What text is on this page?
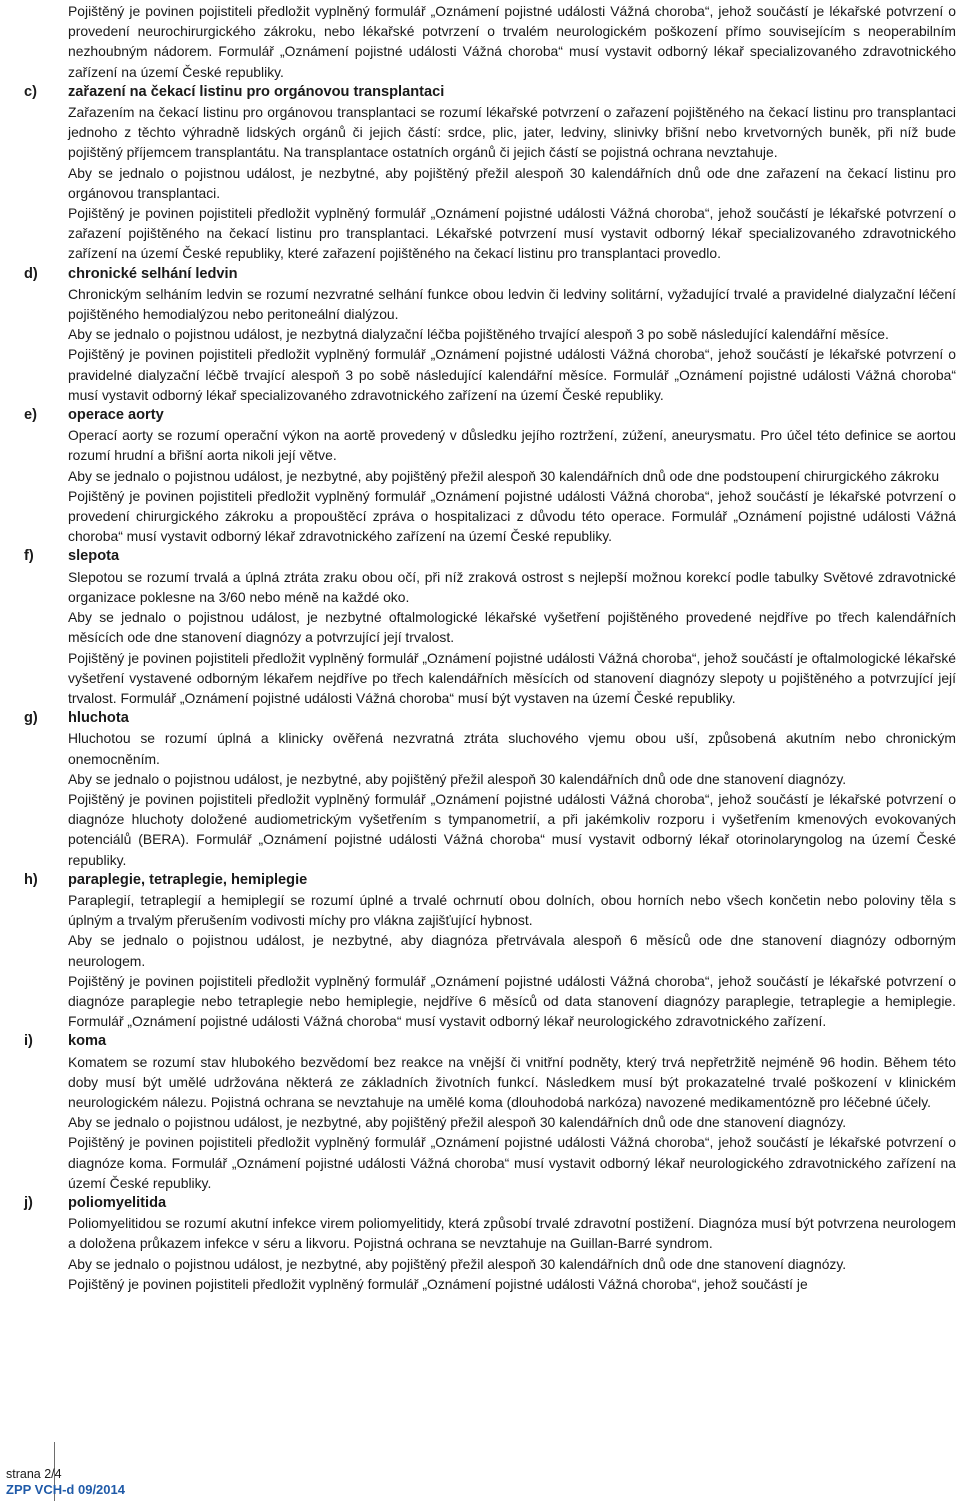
Pojištěný je povinen pojistiteli předložit vyplněný formulář „Oznámení pojistné události Vážná choroba“, jehož součástí je lékařské potvrzení o provedení neurochirurgického zákroku, nebo lékařské potvrzení o trvalém neurologickém poškození přímo souvisejícím s neoperabilním nezhoubným nádorem. Formulář „Oznámení pojistné události Vážná choroba“ musí vystavit odborný lékař specializovaného zdravotnického zařízení na území České republiky.

c) zařazení na čekací listinu pro orgánovou transplantaci

Zařazením na čekací listinu pro orgánovou transplantaci se rozumí lékařské potvrzení o zařazení pojištěného na čekací listinu pro transplantaci jednoho z těchto výhradně lidských orgánů či jejich částí: srdce, plic, jater, ledviny, slinivky břišní nebo krvetvorných buněk, při níž bude pojištěný příjemcem transplantátu. Na transplantace ostatních orgánů či jejich částí se pojistná ochrana nevztahuje.

Aby se jednalo o pojistnou událost, je nezbytné, aby pojištěný přežil alespoň 30 kalendářních dnů ode dne zařazení na čekací listinu pro orgánovou transplantaci.

Pojištěný je povinen pojistiteli předložit vyplněný formulář „Oznámení pojistné události Vážná choroba“, jehož součástí je lékařské potvrzení o zařazení pojištěného na čekací listinu pro transplantaci. Lékařské potvrzení musí vystavit odborný lékař specializovaného zdravotnického zařízení na území České republiky, které zařazení pojištěného na čekací listinu pro transplantaci provedlo.

d) chronické selhání ledvin

Chronickým selháním ledvin se rozumí nezvratné selhání funkce obou ledvin či ledviny solitární, vyžadující trvalé a pravidelné dialyzační léčení pojištěného hemodialýzou nebo peritoneální dialýzou.

Aby se jednalo o pojistnou událost, je nezbytná dialyzační léčba pojištěného trvající alespoň 3 po sobě následující kalendářní měsíce.

Pojištěný je povinen pojistiteli předložit vyplněný formulář „Oznámení pojistné události Vážná choroba“, jehož součástí je lékařské potvrzení o pravidelné dialyzační léčbě trvající alespoň 3 po sobě následující kalendářní měsíce. Formulář „Oznámení pojistné události Vážná choroba“ musí vystavit odborný lékař specializovaného zdravotnického zařízení na území České republiky.

e) operace aorty

Operací aorty se rozumí operační výkon na aortě provedený v důsledku jejího roztržení, zúžení, aneurysmatu. Pro účel této definice se aortou rozumí hrudní a břišní aorta nikoli její větve.

Aby se jednalo o pojistnou událost, je nezbytné, aby pojištěný přežil alespoň 30 kalendářních dnů ode dne podstoupení chirurgického zákroku

Pojištěný je povinen pojistiteli předložit vyplněný formulář „Oznámení pojistné události Vážná choroba“, jehož součástí je lékařské potvrzení o provedení chirurgického zákroku a propouštěcí zpráva o hospitalizaci z důvodu této operace. Formulář „Oznámení pojistné události Vážná choroba“ musí vystavit odborný lékař zdravotnického zařízení na území České republiky.

f) slepota

Slepotou se rozumí trvalá a úplná ztráta zraku obou očí, při níž zraková ostrost s nejlepší možnou korekcí podle tabulky Světové zdravotnické organizace poklesne na 3/60 nebo méně na každé oko.

Aby se jednalo o pojistnou událost, je nezbytné oftalmologické lékařské vyšetření pojištěného provedené nejdříve po třech kalendářních měsících ode dne stanovení diagnózy a potvrzující její trvalost.

Pojištěný je povinen pojistiteli předložit vyplněný formulář „Oznámení pojistné události Vážná choroba“, jehož součástí je oftalmologické lékařské vyšetření vystavené odborným lékařem nejdříve po třech kalendářních měsících od stanovení diagnózy slepoty u pojištěného a potvrzující její trvalost. Formulář „Oznámení pojistné události Vážná choroba“ musí být vystaven na území České republiky.

g) hluchota

Hluchotou se rozumí úplná a klinicky ověřená nezvratná ztráta sluchového vjemu obou uší, způsobená akutním nebo chronickým onemocněním.

Aby se jednalo o pojistnou událost, je nezbytné, aby pojištěný přežil alespoň 30 kalendářních dnů ode dne stanovení diagnózy.

Pojištěný je povinen pojistiteli předložit vyplněný formulář „Oznámení pojistné události Vážná choroba“, jehož součástí je lékařské potvrzení o diagnóze hluchoty doložené audiometrickým vyšetřením s tympanometrií, a při jakémkoliv rozporu i vyšetřením kmenových evokovaných potenciálů (BERA). Formulář „Oznámení pojistné události Vážná choroba“ musí vystavit odborný lékař otorinolaryngolog na území České republiky.

h) paraplegie, tetraplegie, hemiplegie

Paraplegií, tetraplegií a hemiplegií se rozumí úplné a trvalé ochrnutí obou dolních, obou horních nebo všech končetin nebo poloviny těla s úplným a trvalým přerušením vodivosti míchy pro vlákna zajišťující hybnost.

Aby se jednalo o pojistnou událost, je nezbytné, aby diagnóza přetrvávala alespoň 6 měsíců ode dne stanovení diagnózy odborným neurologem.

Pojištěný je povinen pojistiteli předložit vyplněný formulář „Oznámení pojistné události Vážná choroba“, jehož součástí je lékařské potvrzení o diagnóze paraplegie nebo tetraplegie nebo hemiplegie, nejdříve 6 měsíců od data stanovení diagnózy paraplegie, tetraplegie a hemiplegie. Formulář „Oznámení pojistné události Vážná choroba“ musí vystavit odborný lékař neurologického zdravotnického zařízení.

i) koma

Komatem se rozumí stav hlubokého bezvědomí bez reakce na vnější či vnitřní podněty, který trvá nepřetržitě nejméně 96 hodin. Během této doby musí být umělé udržována některá ze základních životních funkcí. Následkem musí být prokazatelné trvalé poškození v klinickém neurologickém nálezu. Pojistná ochrana se nevztahuje na umělé koma (dlouhodobá narkóza) navozené medikamentózně pro léčebné účely.

Aby se jednalo o pojistnou událost, je nezbytné, aby pojištěný přežil alespoň 30 kalendářních dnů ode dne stanovení diagnózy.

Pojištěný je povinen pojistiteli předložit vyplněný formulář „Oznámení pojistné události Vážná choroba“, jehož součástí je lékařské potvrzení o diagnóze koma. Formulář „Oznámení pojistné události Vážná choroba“ musí vystavit odborný lékař neurologického zdravotnického zařízení na území České republiky.

j) poliomyelitida

Poliomyelitidou se rozumí akutní infekce virem poliomyelitidy, která způsobí trvalé zdravotní postižení. Diagnóza musí být potvrzena neurologem a doložena průkazem infekce v séru a likvoru. Pojistná ochrana se nevztahuje na Guillan-Barré syndrom.

Aby se jednalo o pojistnou událost, je nezbytné, aby pojištěný přežil alespoň 30 kalendářních dnů ode dne stanovení diagnózy.

Pojištěný je povinen pojistiteli předložit vyplněný formulář „Oznámení pojistné události Vážná choroba“, jehož součástí je

strana 2/4
ZPP VCH-d 09/2014
